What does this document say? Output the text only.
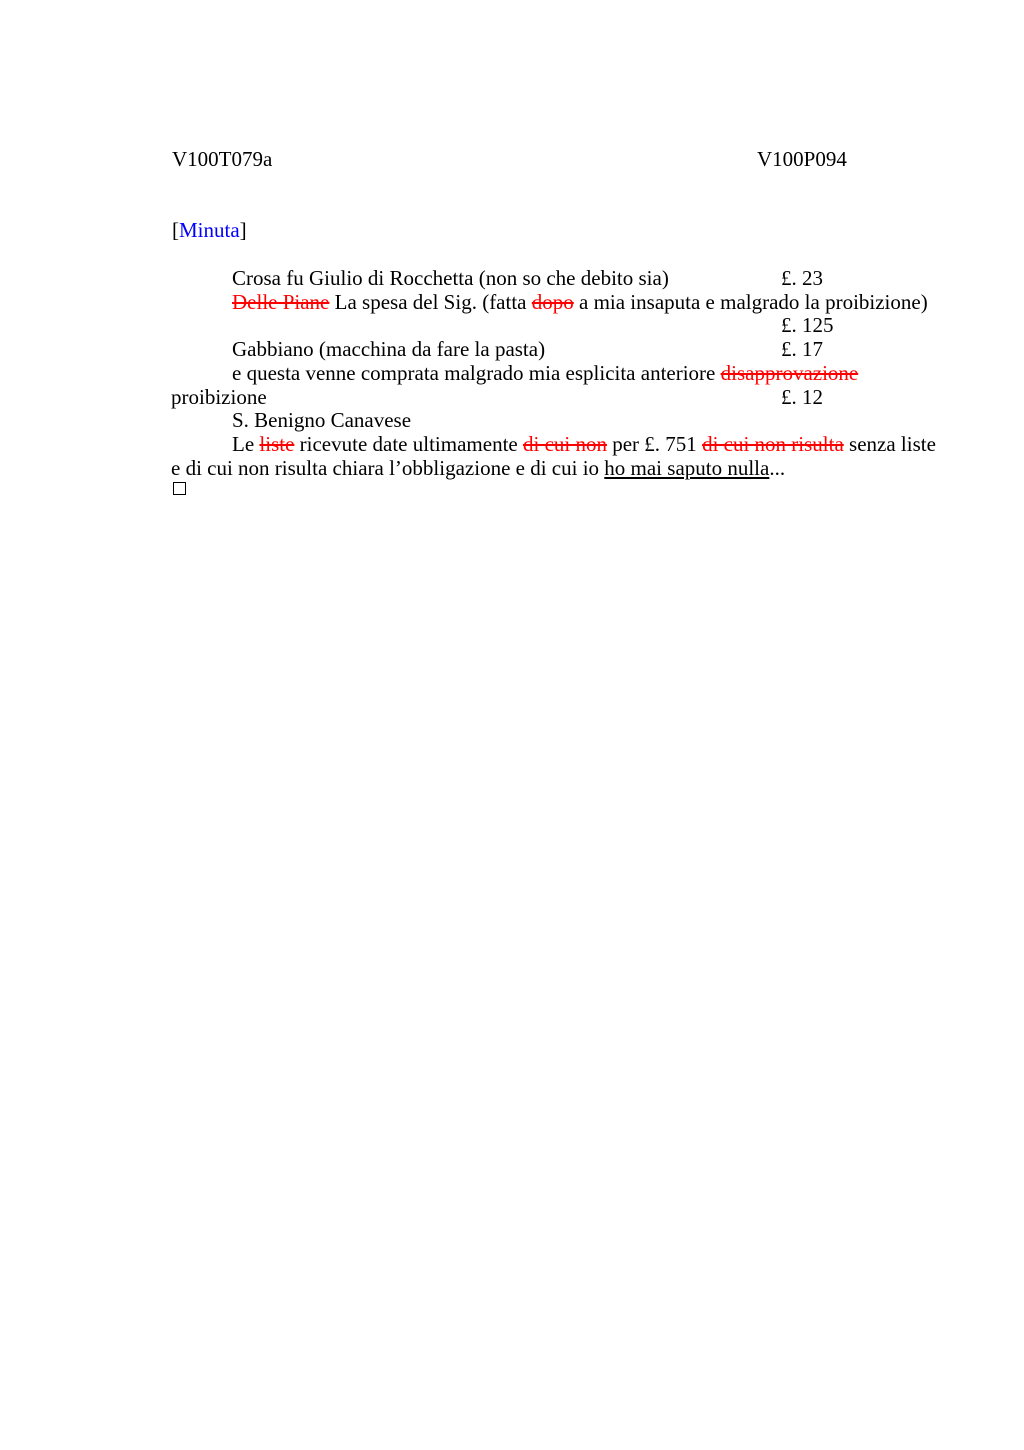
V100T079a	V100P094
[Minuta]
Crosa fu Giulio di Rocchetta (non so che debito sia)	£. 23
Delle Piane La spesa del Sig. (fatta dopo a mia insaputa e malgrado la proibizione)
£. 125
Gabbiano (macchina da fare la pasta)	£. 17
e questa venne comprata malgrado mia esplicita anteriore disapprovazione
proibizione	£. 12
S. Benigno Canavese
Le liste ricevute date ultimamente di cui non per £. 751 di cui non risulta senza liste
e di cui non risulta chiara l’obbligazione e di cui io ho mai saputo nulla...
